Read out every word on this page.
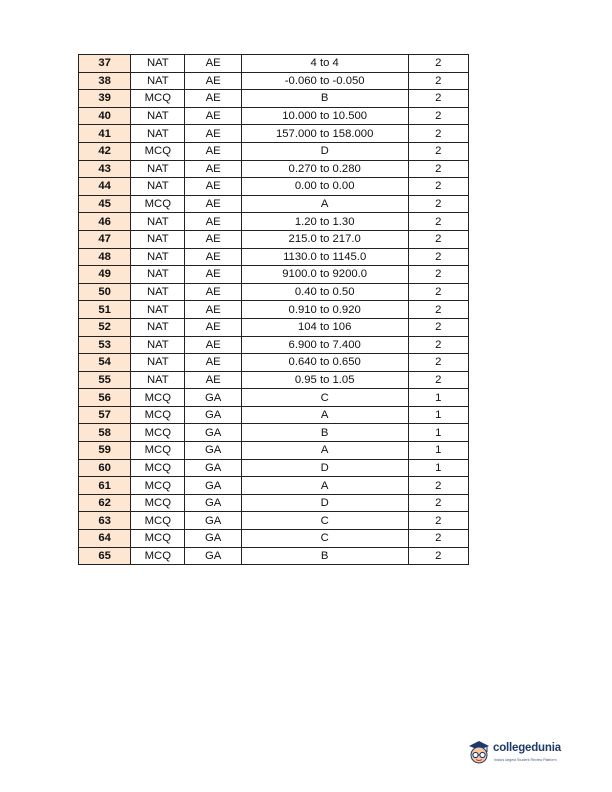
37	NAT	AE	4 to 4	2
38	NAT	AE	-0.060 to -0.050	2
39	MCQ	AE	B	2
40	NAT	AE	10.000 to 10.500	2
41	NAT	AE	157.000 to 158.000	2
42	MCQ	AE	D	2
43	NAT	AE	0.270 to 0.280	2
44	NAT	AE	0.00 to 0.00	2
45	MCQ	AE	A	2
46	NAT	AE	1.20 to 1.30	2
47	NAT	AE	215.0 to 217.0	2
48	NAT	AE	1130.0 to 1145.0	2
49	NAT	AE	9100.0 to 9200.0	2
50	NAT	AE	0.40 to 0.50	2
51	NAT	AE	0.910 to 0.920	2
52	NAT	AE	104 to 106	2
53	NAT	AE	6.900 to 7.400	2
54	NAT	AE	0.640 to 0.650	2
55	NAT	AE	0.95 to 1.05	2
56	MCQ	GA	C	1
57	MCQ	GA	A	1
58	MCQ	GA	B	1
59	MCQ	GA	A	1
60	MCQ	GA	D	1
61	MCQ	GA	A	2
62	MCQ	GA	D	2
63	MCQ	GA	C	2
64	MCQ	GA	C	2
65	MCQ	GA	B	2
collegedunia
India's largest Student Review Platform
